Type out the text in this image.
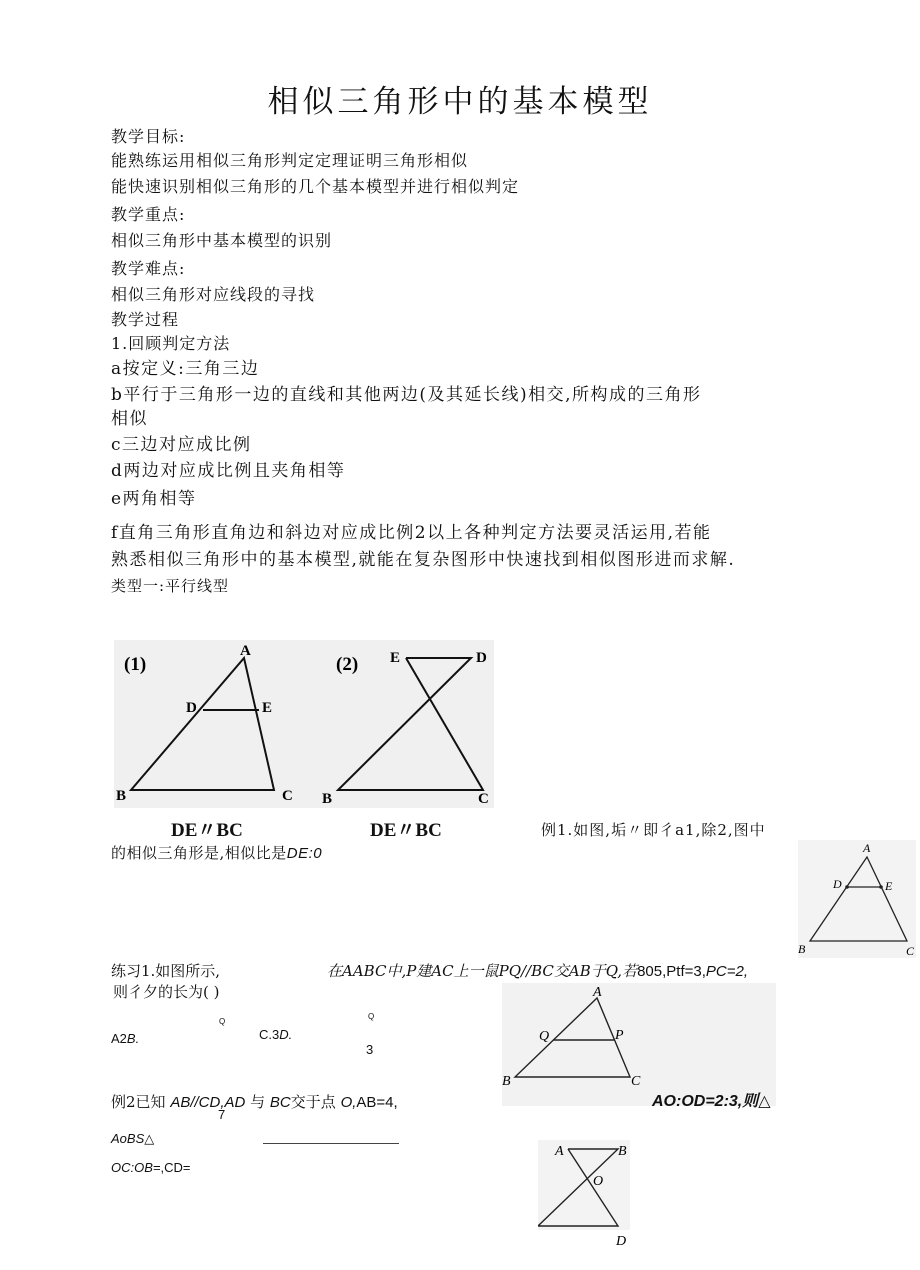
相似三角形中的基本模型
教学目标:
能熟练运用相似三角形判定定理证明三角形相似
能快速识别相似三角形的几个基本模型并进行相似判定
教学重点:
相似三角形中基本模型的识别
教学难点:
相似三角形对应线段的寻找
教学过程
1.回顾判定方法
a按定义:三角三边
b平行于三角形一边的直线和其他两边(及其延长线)相交,所构成的三角形
相似
c三边对应成比例
d两边对应成比例且夹角相等
e两角相等
f直角三角形直角边和斜边对应成比例2以上各种判定方法要灵活运用,若能
熟悉相似三角形中的基本模型,就能在复杂图形中快速找到相似图形进而求解.
类型一:平行线型
(1)	(2)
A
D	E
B	C
E	D
B	C
DE〃BC	DE〃BC	例1.如图,垢〃即彳a1,除2,图中
的相似三角形是,相似比是DE:0	A
D	E
B	C
练习1.如图所示,	在AABC中,P建AC上一鼠PQ//BC交AB于Q,若805,Ptf=3,PC=2,
则彳夕的长为( )
Q
Q
A2B.	C.3D.
3
A
Q	P
B	C
例2已知 AB//CD,AD 与 BC交于点 O,AB=4,
7
AO:OD=2:3,则△
AoBS△
OC:OB=,CD=
A	B
O
D
